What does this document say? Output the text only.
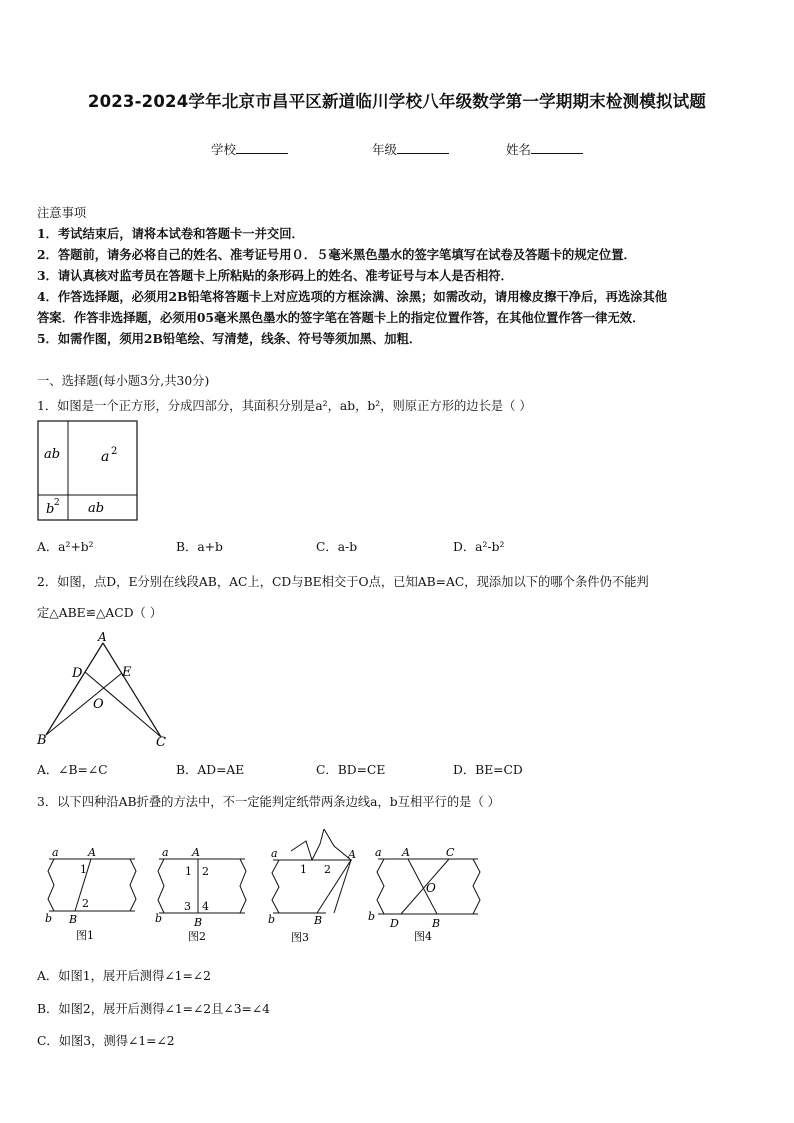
2023-2024学年北京市昌平区新道临川学校八年级数学第一学期期末检测模拟试题
学校	年级	姓名
注意事项
1．考试结束后，请将本试卷和答题卡一并交回．
2．答题前，请务必将自己的姓名、准考证号用０．５毫米黑色墨水的签字笔填写在试卷及答题卡的规定位置．
3．请认真核对监考员在答题卡上所粘贴的条形码上的姓名、准考证号与本人是否相符．
4．作答选择题，必须用2B铅笔将答题卡上对应选项的方框涂满、涂黑；如需改动，请用橡皮擦干净后，再选涂其他
答案．作答非选择题，必须用05毫米黑色墨水的签字笔在答题卡上的指定位置作答，在其他位置作答一律无效．
5．如需作图，须用2B铅笔绘、写清楚，线条、符号等须加黑、加粗．
一、选择题(每小题3分,共30分)
1．如图是一个正方形，分成四部分，其面积分别是a²，ab，b²，则原正方形的边长是（ ）
ab	a 2
b 2 ab
A．a²+b²	B．a+b	C．a-b	D．a²-b²
2．如图，点D，E分别在线段AB，AC上，CD与BE相交于O点，已知AB=AC，现添加以下的哪个条件仍不能判
定△ABE≌△ACD（ ）
A
D	E
O
B	C
A．∠B=∠C	B．AD=AE	C．BD=CE	D．BE=CD
3．以下四种沿AB折叠的方法中，不一定能判定纸带两条边线a，b互相平行的是（ ）
a	A
1
2
b B
图1
a A
1 2
3 4
b	B
图2
a
1 2
A
b	B
图3
a A	C
O
b
D	B
图4
A．如图1，展开后测得∠1=∠2
B．如图2，展开后测得∠1=∠2且∠3=∠4
C．如图3，测得∠1=∠2
